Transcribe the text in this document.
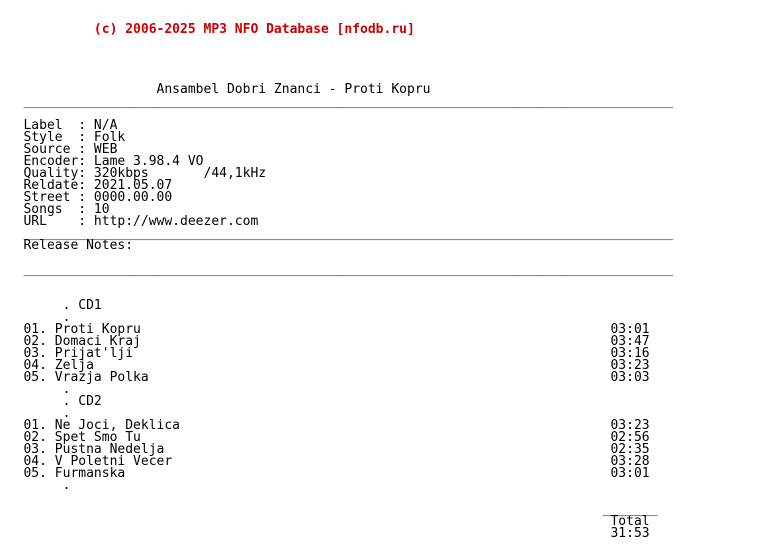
(c) 2006-2025 MP3 NFO Database [nfodb.ru]

Ansambel Dobri Znanci - Proti Kopru
___________________________________________________________________________________

Label  : N/A
Style  : Folk
Source : WEB
Encoder: Lame 3.98.4 VO
Quality: 320kbps       /44,1kHz
Reldate: 2021.05.07
Street : 0000.00.00
Songs  : 10
URL    : http://www.deezer.com
___________________________________________________________________________________
Release Notes:

___________________________________________________________________________________

. CD1
.
01. Proti Kopru                                                            03:01
02. Domaci Kraj                                                            03:47
03. Prijat'lji                                                             03:16
04. Zelja                                                                  03:23
05. Vrazja Polka                                                           03:03
.
. CD2
.
01. Ne Joci, Deklica                                                       03:23
02. Spet Smo Tu                                                            02:56
03. Pustna Nedelja                                                         02:35
04. V Poletni Vecer                                                        03:28
05. Furmanska                                                              03:01
.

_______
Total
31:53
